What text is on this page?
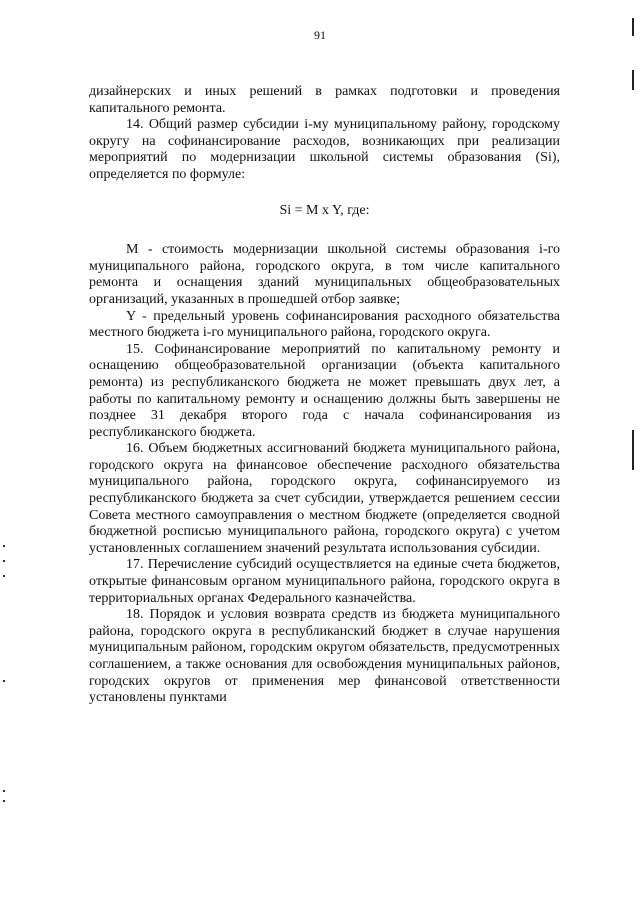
91

дизайнерских и иных решений в рамках подготовки и проведения капитального ремонта.

14. Общий размер субсидии i-му муниципальному району, городскому округу на софинансирование расходов, возникающих при реализации мероприятий по модернизации школьной системы образования (Si), определяется по формуле:

Si = M x Y, где:

M - стоимость модернизации школьной системы образования i-го муниципального района, городского округа, в том числе капитального ремонта и оснащения зданий муниципальных общеобразовательных организаций, указанных в прошедшей отбор заявке;

Y - предельный уровень софинансирования расходного обязательства местного бюджета i-го муниципального района, городского округа.

15. Софинансирование мероприятий по капитальному ремонту и оснащению общеобразовательной организации (объекта капитального ремонта) из республиканского бюджета не может превышать двух лет, а работы по капитальному ремонту и оснащению должны быть завершены не позднее 31 декабря второго года с начала софинансирования из республиканского бюджета.

16. Объем бюджетных ассигнований бюджета муниципального района, городского округа на финансовое обеспечение расходного обязательства муниципального района, городского округа, софинансируемого из республиканского бюджета за счет субсидии, утверждается решением сессии Совета местного самоуправления о местном бюджете (определяется сводной бюджетной росписью муниципального района, городского округа) с учетом установленных соглашением значений результата использования субсидии.

17. Перечисление субсидий осуществляется на единые счета бюджетов, открытые финансовым органом муниципального района, городского округа в территориальных органах Федерального казначейства.

18. Порядок и условия возврата средств из бюджета муниципального района, городского округа в республиканский бюджет в случае нарушения муниципальным районом, городским округом обязательств, предусмотренных соглашением, а также основания для освобождения муниципальных районов, городских округов от применения мер финансовой ответственности установлены пунктами
